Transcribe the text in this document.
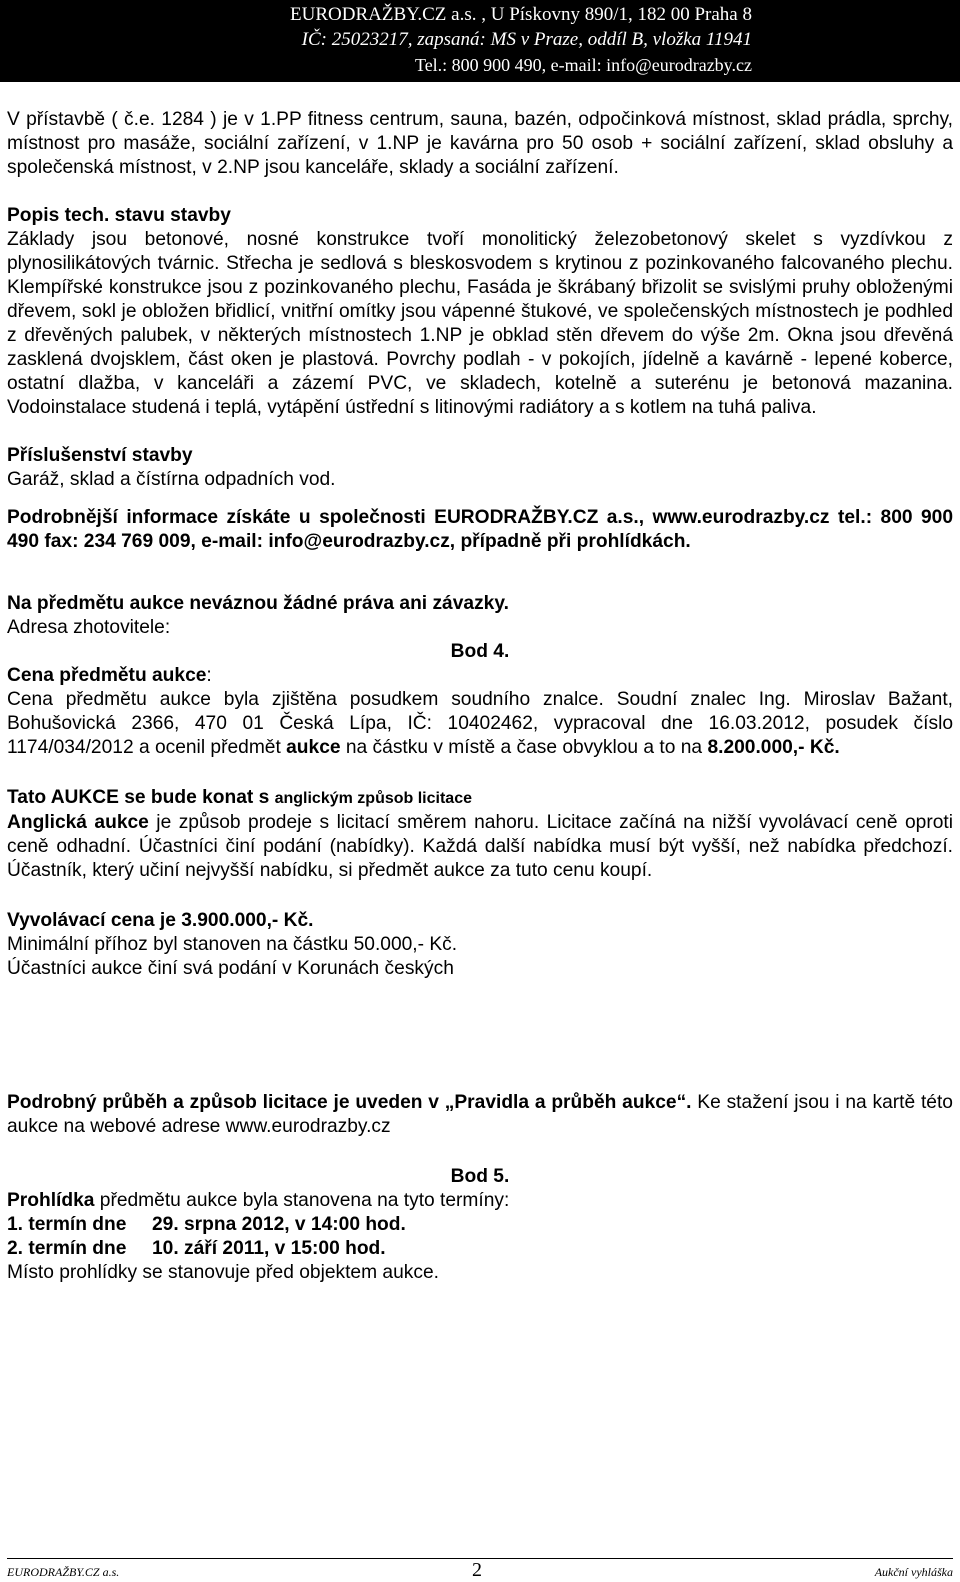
EURODRAŽBY.CZ a.s. , U Pískovny 890/1, 182 00 Praha 8
IČ: 25023217, zapsaná: MS v Praze, oddíl B, vložka 11941
Tel.: 800 900 490, e-mail: info@eurodrazby.cz

V přístavbě ( č.e. 1284 ) je v 1.PP fitness centrum, sauna, bazén, odpočinková místnost, sklad prádla, sprchy, místnost pro masáže, sociální zařízení, v 1.NP je kavárna pro 50 osob + sociální zařízení, sklad obsluhy a společenská místnost, v 2.NP jsou kanceláře, sklady a sociální zařízení.

Popis tech. stavu stavby

Základy jsou betonové, nosné konstrukce tvoří monolitický železobetonový skelet s vyzdívkou z plynosilikátových tvárnic. Střecha je sedlová s bleskosvodem s krytinou z pozinkovaného falcovaného plechu. Klempířské konstrukce jsou z pozinkovaného plechu, Fasáda je škrábaný břizolit se svislými pruhy obloženými dřevem, sokl je obložen břidlicí, vnitřní omítky jsou vápenné štukové, ve společenských místnostech je podhled z dřevěných palubek, v některých místnostech 1.NP je obklad stěn dřevem do výše 2m. Okna jsou dřevěná zasklená dvojsklem, část oken je plastová. Povrchy podlah - v pokojích, jídelně a kavárně - lepené koberce, ostatní dlažba, v kanceláři a zázemí PVC, ve skladech, kotelně a suterénu je betonová mazanina. Vodoinstalace studená i teplá, vytápění ústřední s litinovými radiátory a s kotlem na tuhá paliva.

Příslušenství stavby

Garáž, sklad a čístírna odpadních vod.

Podrobnější informace získáte u společnosti EURODRAŽBY.CZ a.s., www.eurodrazby.cz tel.: 800 900 490 fax: 234 769 009, e-mail: info@eurodrazby.cz, případně při prohlídkách.

Na předmětu aukce neváznou žádné práva ani závazky.

Adresa zhotovitele:

Bod 4.

Cena předmětu aukce:

Cena předmětu aukce byla zjištěna posudkem soudního znalce. Soudní znalec Ing. Miroslav Bažant, Bohušovická 2366, 470 01 Česká Lípa, IČ: 10402462, vypracoval dne 16.03.2012, posudek číslo 1174/034/2012 a ocenil předmět aukce na částku v místě a čase obvyklou a to na 8.200.000,- Kč.

Tato AUKCE se bude konat s anglickým způsob licitace

Anglická aukce je způsob prodeje s licitací směrem nahoru. Licitace začíná na nižší vyvolávací ceně oproti ceně odhadní. Účastníci činí podání (nabídky). Každá další nabídka musí být vyšší, než nabídka předchozí. Účastník, který učiní nejvyšší nabídku, si předmět aukce za tuto cenu koupí.

Vyvolávací cena je 3.900.000,- Kč.

Minimální příhoz byl stanoven na částku 50.000,- Kč.

Účastníci aukce činí svá podání v Korunách českých

Podrobný průběh a způsob licitace je uveden v „Pravidla a průběh aukce“. Ke stažení jsou i na kartě této aukce na webové adrese www.eurodrazby.cz

Bod 5.

Prohlídka předmětu aukce byla stanovena na tyto termíny:

1. termín dne 29. srpna 2012, v 14:00 hod.

2. termín dne 10. září 2011, v 15:00 hod.

Místo prohlídky se stanovuje před objektem aukce.

EURODRAŽBY.CZ a.s.	2	Aukční vyhláška
